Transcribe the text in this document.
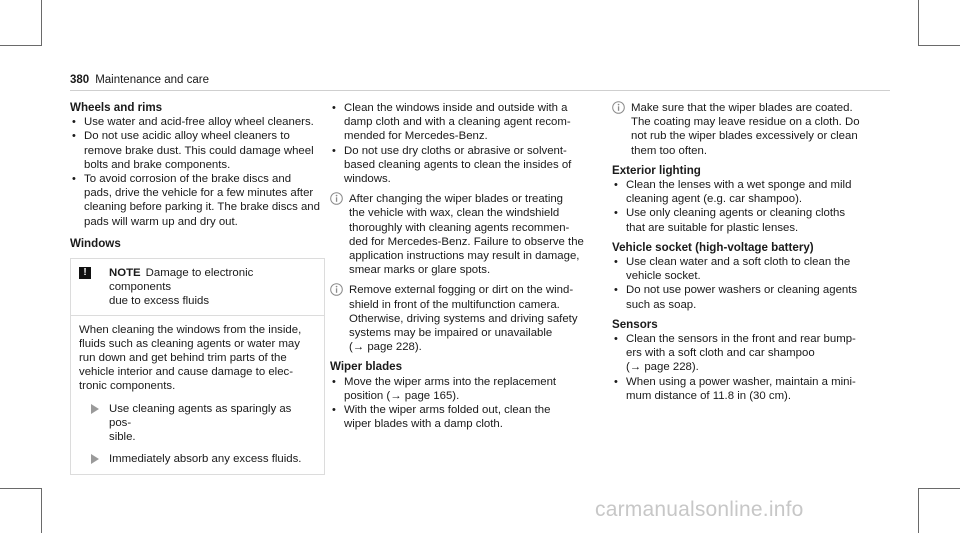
380 Maintenance and care
Wheels and rims
• Use water and acid-free alloy wheel cleaners.
• Do not use acidic alloy wheel cleaners to
remove brake dust. This could damage wheel
bolts and brake components.
• To avoid corrosion of the brake discs and
pads, drive the vehicle for a few minutes after
cleaning before parking it. The brake discs and
pads will warm up and dry out.
Windows
!	NOTE Damage to electronic components
due to excess fluids
When cleaning the windows from the inside,
fluids such as cleaning agents or water may
run down and get behind trim parts of the
vehicle interior and cause damage to elec-
tronic components.
Use cleaning agents as sparingly as pos-
sible.
Immediately absorb any excess fluids.
• Clean the windows inside and outside with a
damp cloth and with a cleaning agent recom-
mended for Mercedes-Benz.
• Do not use dry cloths or abrasive or solvent-
based cleaning agents to clean the insides of
windows.
After changing the wiper blades or treating
the vehicle with wax, clean the windshield
thoroughly with cleaning agents recommen-
ded for Mercedes-Benz. Failure to observe the
application instructions may result in damage,
smear marks or glare spots.
Remove external fogging or dirt on the wind-
shield in front of the multifunction camera.
Otherwise, driving systems and driving safety
systems may be impaired or unavailable
(→ page 228).
Wiper blades
• Move the wiper arms into the replacement
position (→ page 165).
• With the wiper arms folded out, clean the
wiper blades with a damp cloth.
Make sure that the wiper blades are coated.
The coating may leave residue on a cloth. Do
not rub the wiper blades excessively or clean
them too often.
Exterior lighting
• Clean the lenses with a wet sponge and mild
cleaning agent (e.g. car shampoo).
• Use only cleaning agents or cleaning cloths
that are suitable for plastic lenses.
Vehicle socket (high-voltage battery)
• Use clean water and a soft cloth to clean the
vehicle socket.
• Do not use power washers or cleaning agents
such as soap.
Sensors
• Clean the sensors in the front and rear bump-
ers with a soft cloth and car shampoo
(→ page 228).
• When using a power washer, maintain a mini-
mum distance of 11.8 in (30 cm).
carmanualsonline.info
